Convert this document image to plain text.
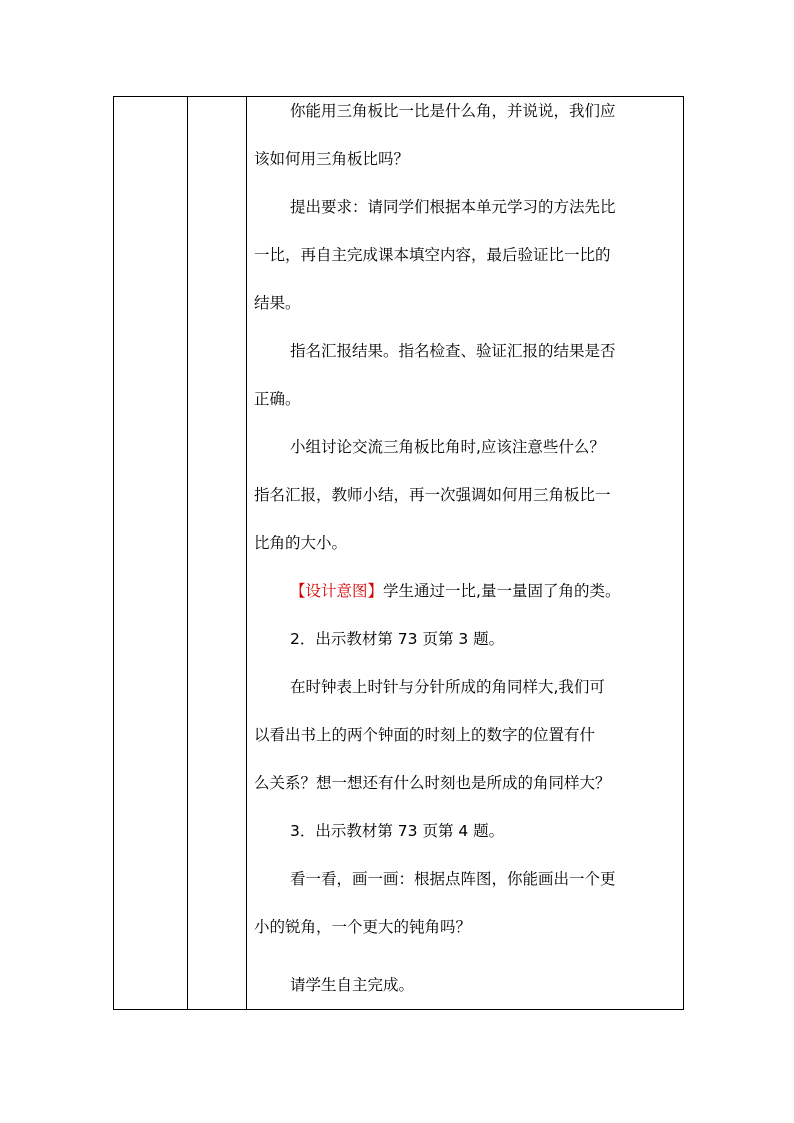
你能用三角板比一比是什么角，并说说，我们应
该如何用三角板比吗？
提出要求：请同学们根据本单元学习的方法先比
一比，再自主完成课本填空内容，最后验证比一比的
结果。
指名汇报结果。指名检查、验证汇报的结果是否
正确。
小组讨论交流三角板比角时,应该注意些什么？
指名汇报，教师小结，再一次强调如何用三角板比一
比角的大小。
【设计意图】学生通过一比,量一量固了角的类。
2．出示教材第 73 页第 3 题。
在时钟表上时针与分针所成的角同样大,我们可
以看出书上的两个钟面的时刻上的数字的位置有什
么关系？想一想还有什么时刻也是所成的角同样大？
3．出示教材第 73 页第 4 题。
看一看，画一画：根据点阵图，你能画出一个更
小的锐角，一个更大的钝角吗？
请学生自主完成。
